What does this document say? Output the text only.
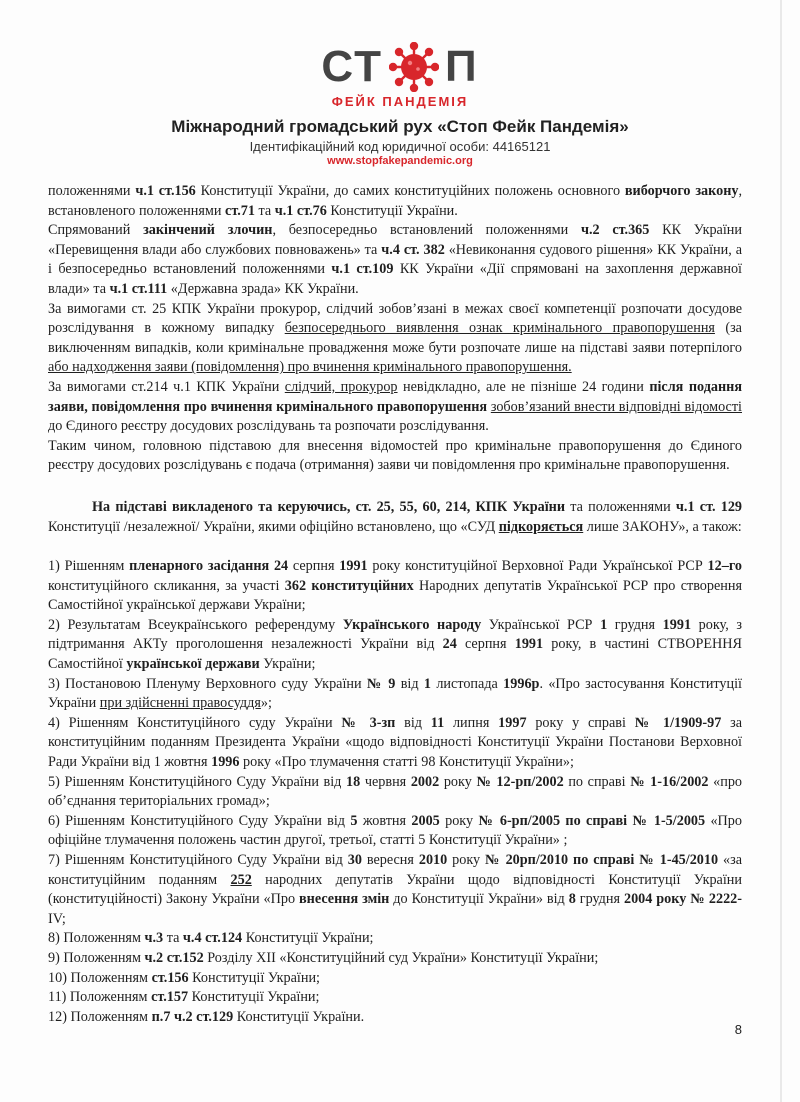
СТ П
ФЕЙК ПАНДЕМІЯ
Міжнародний громадський рух «Стоп Фейк Пандемія»
Ідентифікаційний код юридичної особи: 44165121
www.stopfakepandemic.org

положеннями ч.1 ст.156 Конституції України, до самих конституційних положень основного виборчого закону, встановленого положеннями ст.71 та ч.1 ст.76 Конституції України.

Спрямований закінчений злочин, безпосередньо встановлений положеннями ч.2 ст.365 КК України «Перевищення влади або службових повноважень» та ч.4 ст. 382 «Невиконання судового рішення» КК України, а і безпосередньо встановлений положеннями ч.1 ст.109 КК України «Дії спрямовані на захоплення державної влади» та ч.1 ст.111 «Державна зрада» КК України.

За вимогами ст. 25 КПК України прокурор, слідчий зобов’язані в межах своєї компетенції розпочати досудове розслідування в кожному випадку безпосереднього виявлення ознак кримінального правопорушення (за виключенням випадків, коли кримінальне провадження може бути розпочате лише на підставі заяви потерпілого або надходження заяви (повідомлення) про вчинення кримінального правопорушення.

За вимогами ст.214 ч.1 КПК України слідчий, прокурор невідкладно, але не пізніше 24 години після подання заяви, повідомлення про вчинення кримінального правопорушення зобов’язаний внести відповідні відомості до Єдиного реєстру досудових розслідувань та розпочати розслідування.

Таким чином, головною підставою для внесення відомостей про кримінальне правопорушення до Єдиного реєстру досудових розслідувань є подача (отримання) заяви чи повідомлення про кримінальне правопорушення.

На підставі викладеного та керуючись, ст. 25, 55, 60, 214, КПК України та положеннями ч.1 ст. 129 Конституції /незалежної/ України, якими офіційно встановлено, що «СУД підкоряється лише ЗАКОНУ», а також:

1) Рішенням пленарного засідання 24 серпня 1991 року конституційної Верховної Ради Української РСР 12–го конституційного скликання, за участі 362 конституційних Народних депутатів Української РСР про створення Самостійної української держави України;

2) Результатам Всеукраїнського референдуму Українського народу Української РСР 1 грудня 1991 року, з підтримання АКТу проголошення незалежності України від 24 серпня 1991 року, в частині СТВОРЕННЯ Самостійної української держави України;

3) Постановою Пленуму Верховного суду України № 9 від 1 листопада 1996р. «Про застосування Конституції України при здійсненні правосуддя»;

4) Рішенням Конституційного суду України № 3-зп від 11 липня 1997 року у справі № 1/1909-97 за конституційним поданням Президента України «щодо відповідності Конституції України Постанови Верховної Ради України від 1 жовтня 1996 року «Про тлумачення статті 98 Конституції України»;

5) Рішенням Конституційного Суду України від 18 червня 2002 року № 12-рп/2002 по справі № 1-16/2002 «про об’єднання територіальних громад»;

6) Рішенням Конституційного Суду України від 5 жовтня 2005 року № 6-рп/2005 по справі № 1-5/2005 «Про офіційне тлумачення положень частин другої, третьої, статті 5 Конституції України» ;

7) Рішенням Конституційного Суду України від 30 вересня 2010 року № 20рп/2010 по справі № 1-45/2010 «за конституційним поданням 252 народних депутатів України щодо відповідності Конституції України (конституційності) Закону України «Про внесення змін до Конституції України» від 8 грудня 2004 року № 2222-ІV;

8) Положенням ч.3 та ч.4 ст.124 Конституції України;

9) Положенням ч.2 ст.152 Розділу XII «Конституційний суд України» Конституції України;

10) Положенням ст.156 Конституції України;

11) Положенням ст.157 Конституції України;

12) Положенням п.7 ч.2 ст.129 Конституції України.

8
